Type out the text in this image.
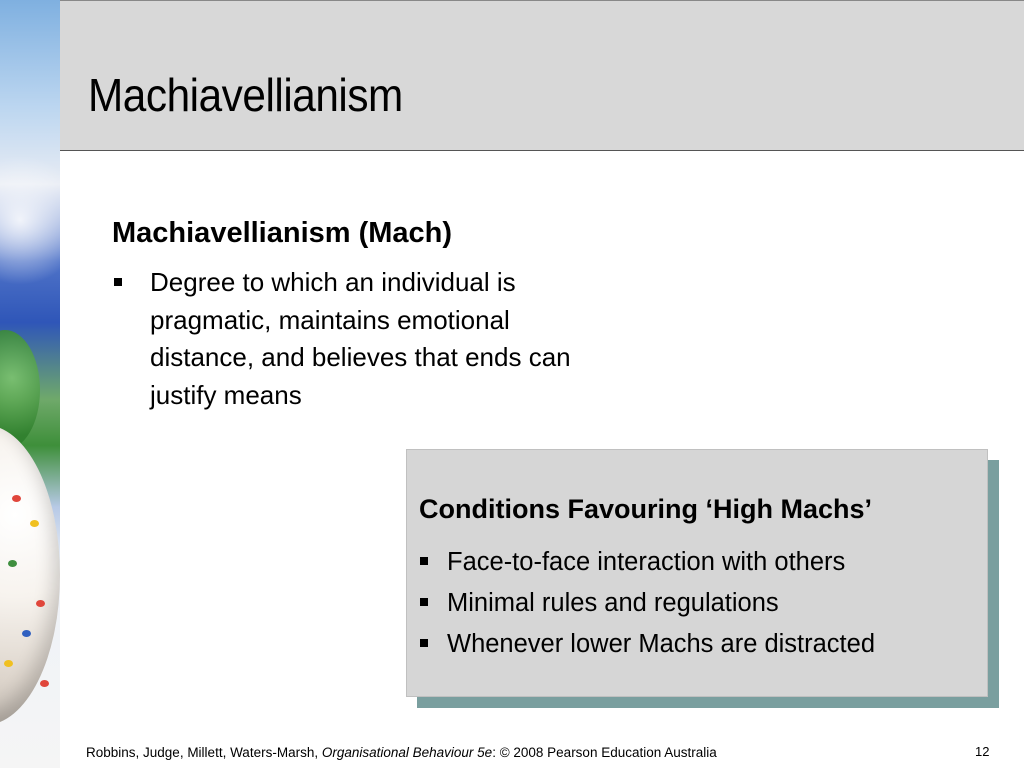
Machiavellianism
Machiavellianism (Mach)
Degree to which an individual is pragmatic, maintains emotional distance, and believes that ends can justify means
Conditions Favouring ‘High Machs’
Face-to-face interaction with others
Minimal rules and regulations
Whenever lower Machs are distracted
Robbins, Judge, Millett, Waters-Marsh, Organisational Behaviour 5e: © 2008 Pearson Education Australia	12
